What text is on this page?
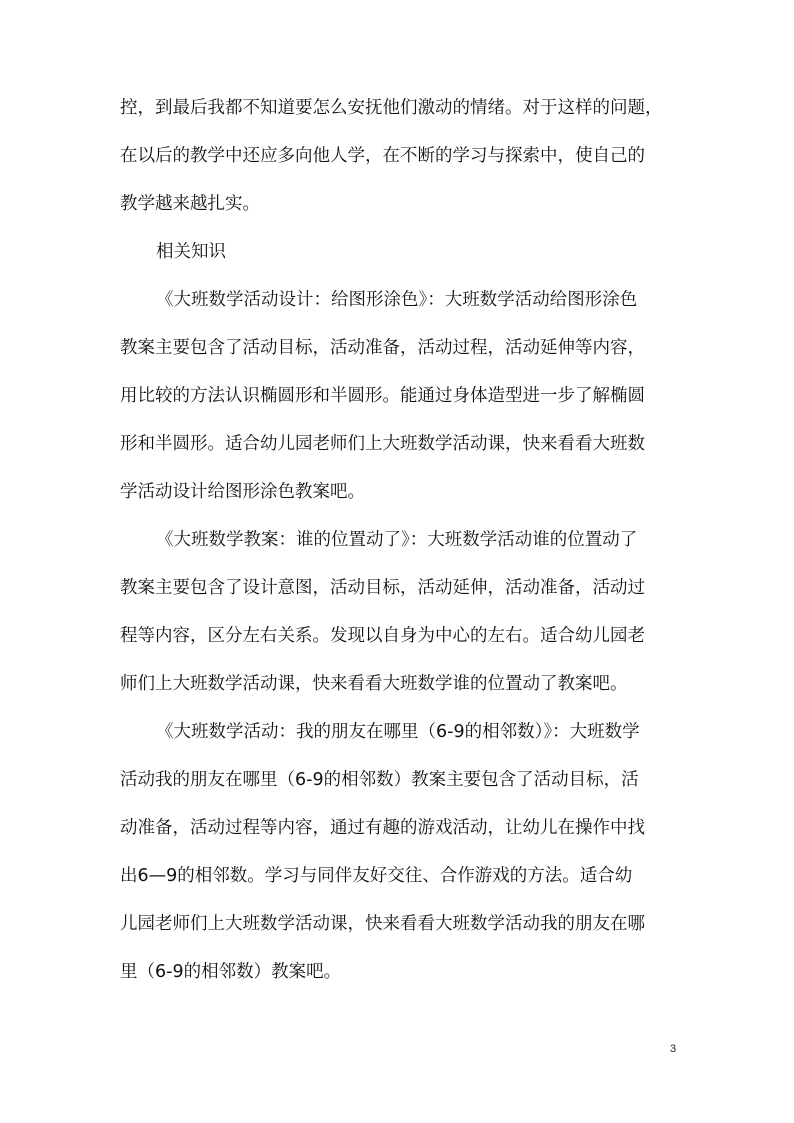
控，到最后我都不知道要怎么安抚他们激动的情绪。对于这样的问题，
在以后的教学中还应多向他人学，在不断的学习与探索中，使自己的
教学越来越扎实。
相关知识
《大班数学活动设计：给图形涂色》：大班数学活动给图形涂色
教案主要包含了活动目标，活动准备，活动过程，活动延伸等内容，
用比较的方法认识椭圆形和半圆形。能通过身体造型进一步了解椭圆
形和半圆形。适合幼儿园老师们上大班数学活动课，快来看看大班数
学活动设计给图形涂色教案吧。
《大班数学教案：谁的位置动了》：大班数学活动谁的位置动了
教案主要包含了设计意图，活动目标，活动延伸，活动准备，活动过
程等内容，区分左右关系。发现以自身为中心的左右。适合幼儿园老
师们上大班数学活动课，快来看看大班数学谁的位置动了教案吧。
《大班数学活动：我的朋友在哪里（6-9的相邻数）》：大班数学
活动我的朋友在哪里（6-9的相邻数）教案主要包含了活动目标，活
动准备，活动过程等内容，通过有趣的游戏活动，让幼儿在操作中找
出6—9的相邻数。学习与同伴友好交往、合作游戏的方法。适合幼
儿园老师们上大班数学活动课，快来看看大班数学活动我的朋友在哪
里（6-9的相邻数）教案吧。
3
